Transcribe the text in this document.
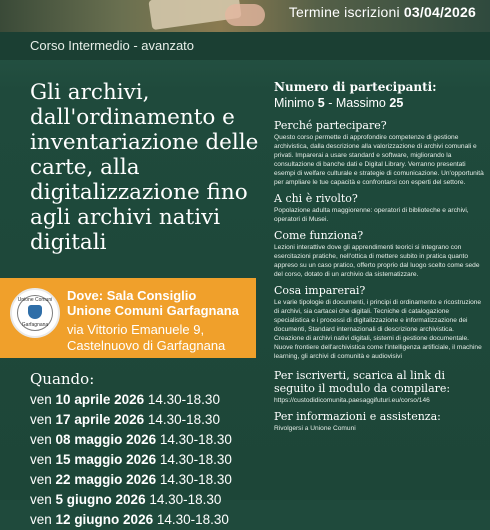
Termine iscrizioni 03/04/2026
Corso Intermedio - avanzato
Gli archivi, dall'ordinamento e inventariazione delle carte, alla digitalizzazione fino agli archivi nativi digitali
Unione Comuni
Garfagnana
Dove: Sala Consiglio
Unione Comuni Garfagnana
via Vittorio Emanuele 9,
Castelnuovo di Garfagnana
Quando:
ven 10 aprile 2026 14.30-18.30
ven 17 aprile 2026 14.30-18.30
ven 08 maggio 2026 14.30-18.30
ven 15 maggio 2026 14.30-18.30
ven 22 maggio 2026 14.30-18.30
ven 5 giugno 2026 14.30-18.30
ven 12 giugno 2026 14.30-18.30
Numero di partecipanti:

Minimo 5 - Massimo 25

Perché partecipare?

Questo corso permette di approfondire competenze di gestione archivistica, dalla descrizione alla valorizzazione di archivi comunali e privati. Imparerai a usare standard e software, migliorando la consultazione di banche dati e Digital Library. Verranno presentati esempi di welfare culturale e strategie di comunicazione. Un'opportunità per ampliare le tue capacità e confrontarsi con esperti del settore.

A chi è rivolto?

Popolazione adulta maggiorenne: operatori di biblioteche e archivi, operatori di Musei.

Come funziona?

Lezioni interattive dove gli apprendimenti teorici si integrano con esercitazioni pratiche, nell'ottica di mettere subito in pratica quanto appreso su un caso pratico, offerto proprio dal luogo scelto come sede del corso, dotato di un archivio da sistematizzare.

Cosa imparerai?

Le varie tipologie di documenti, i principi di ordinamento e ricostruzione di archivi, sia cartacei che digitali. Tecniche di catalogazione specialistica e i processi di digitalizzazione e informatizzazione dei documenti, Standard internazionali di descrizione archivistica. Creazione di archivi nativi digitali, sistemi di gestione documentale. Nuove frontiere dell'archivistica come l'intelligenza artificiale, il machine learning, gli archivi di comunità e audiovisivi

Per iscriverti, scarica al link di seguito il modulo da compilare:

https://custodidicomunita.paesaggifuturi.eu/corso/146

Per informazioni e assistenza:

Rivolgersi a Unione Comuni
